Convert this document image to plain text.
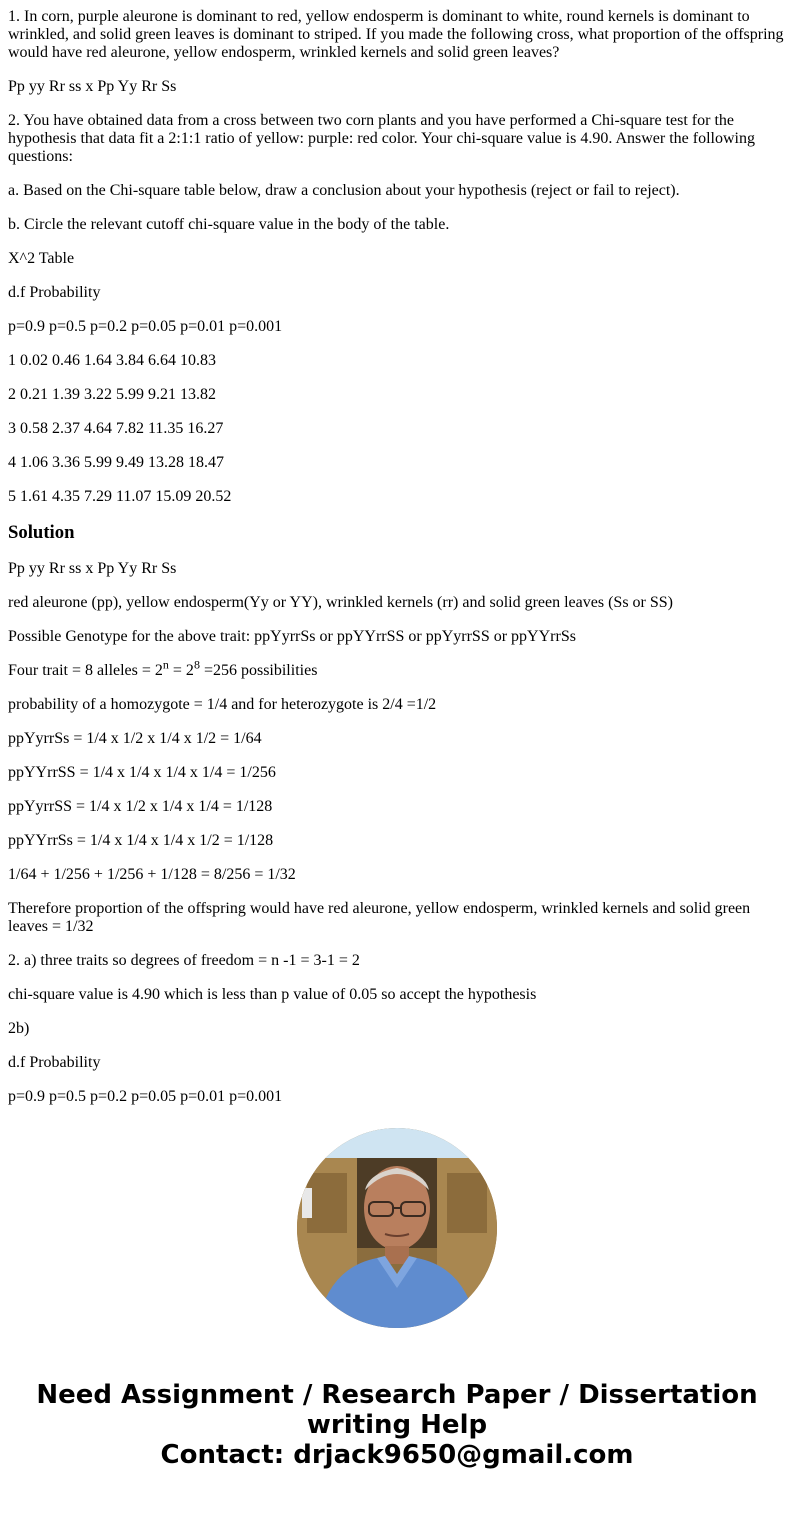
1. In corn, purple aleurone is dominant to red, yellow endosperm is dominant to white, round kernels is dominant to wrinkled, and solid green leaves is dominant to striped. If you made the following cross, what proportion of the offspring would have red aleurone, yellow endosperm, wrinkled kernels and solid green leaves?

Pp yy Rr ss x Pp Yy Rr Ss

2. You have obtained data from a cross between two corn plants and you have performed a Chi-square test for the hypothesis that data fit a 2:1:1 ratio of yellow: purple: red color. Your chi-square value is 4.90. Answer the following questions:

a. Based on the Chi-square table below, draw a conclusion about your hypothesis (reject or fail to reject).

b. Circle the relevant cutoff chi-square value in the body of the table.

X^2 Table

d.f Probability

p=0.9 p=0.5 p=0.2 p=0.05 p=0.01 p=0.001

1 0.02 0.46 1.64 3.84 6.64 10.83

2 0.21 1.39 3.22 5.99 9.21 13.82

3 0.58 2.37 4.64 7.82 11.35 16.27

4 1.06 3.36 5.99 9.49 13.28 18.47

5 1.61 4.35 7.29 11.07 15.09 20.52

Solution

Pp yy Rr ss x Pp Yy Rr Ss

red aleurone (pp), yellow endosperm(Yy or YY), wrinkled kernels (rr) and solid green leaves (Ss or SS)

Possible Genotype for the above trait: ppYyrrSs or ppYYrrSS or ppYyrrSS or ppYYrrSs

Four trait = 8 alleles = $2^n = 2^8 =256$ possibilities

probability of a homozygote = 1/4 and for heterozygote is 2/4 =1/2

ppYyrrSs = 1/4 x 1/2 x 1/4 x 1/2 = 1/64

ppYYrrSS = 1/4 x 1/4 x 1/4 x 1/4 = 1/256

ppYyrrSS = 1/4 x 1/2 x 1/4 x 1/4 = 1/128

ppYYrrSs = 1/4 x 1/4 x 1/4 x 1/2 = 1/128

1/64 + 1/256 + 1/256 + 1/128 = 8/256 = 1/32

Therefore proportion of the offspring would have red aleurone, yellow endosperm, wrinkled kernels and solid green leaves = 1/32

2. a) three traits so degrees of freedom = n -1 = 3-1 = 2

chi-square value is 4.90 which is less than p value of 0.05 so accept the hypothesis

2b)

d.f Probability

p=0.9 p=0.5 p=0.2 p=0.05 p=0.01 p=0.001

Need Assignment / Research Paper / Dissertation
writing Help
Contact: drjack9650@gmail.com
